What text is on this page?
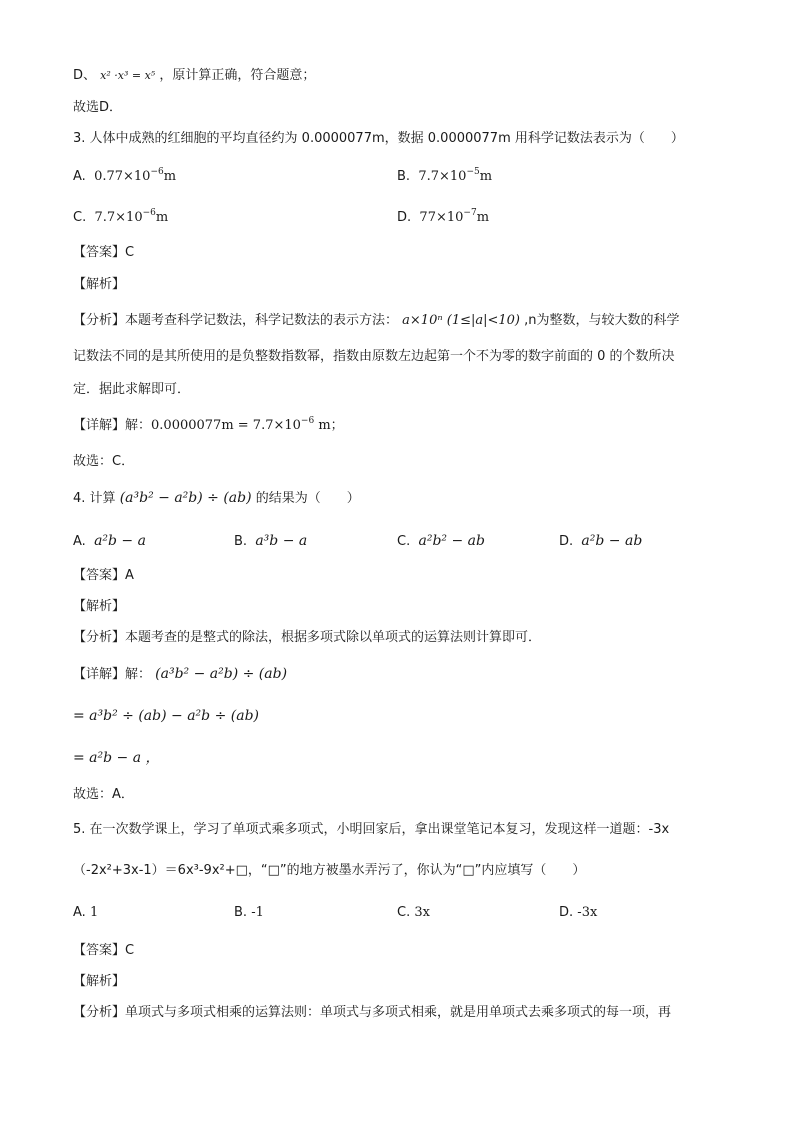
D、 x² ·x³ = x⁵ ，原计算正确，符合题意；
故选D．
3. 人体中成熟的红细胞的平均直径约为 0.0000077m，数据 0.0000077m 用科学记数法表示为（　　）
A. $0.77\times 10^{-6}m$	B. $7.7\times 10^{-5}m$
C. $7.7\times 10^{-6}m$	D. $77\times 10^{-7}m$
【答案】C
【解析】
【分析】本题考查科学记数法，科学记数法的表示方法： a×10ⁿ (1≤|a|<10) ,n为整数，与较大数的科学
记数法不同的是其所使用的是负整数指数幂，指数由原数左边起第一个不为零的数字前面的 0 的个数所决
定．据此求解即可．
【详解】解：$0.0000077m = 7.7\times 10^{-6}$ m；
故选：C．
4. 计算 (a³b² − a²b) ÷ (ab) 的结果为（　　）
A. a²b − a	B. a³b − a	C. a²b² − ab	D. a²b − ab
【答案】A
【解析】
【分析】本题考查的是整式的除法，根据多项式除以单项式的运算法则计算即可．
【详解】解： (a³b² − a²b) ÷ (ab)
= a³b² ÷ (ab) − a²b ÷ (ab)
= a²b − a ，
故选：A．
5. 在一次数学课上，学习了单项式乘多项式，小明回家后，拿出课堂笔记本复习，发现这样一道题：-3x
（-2x²+3x-1）＝6x³-9x²+□，“□”的地方被墨水弄污了，你认为“□”内应填写（　　）
A. 1	B. -1	C. 3x	D. -3x
【答案】C
【解析】
【分析】单项式与多项式相乘的运算法则：单项式与多项式相乘，就是用单项式去乘多项式的每一项，再
